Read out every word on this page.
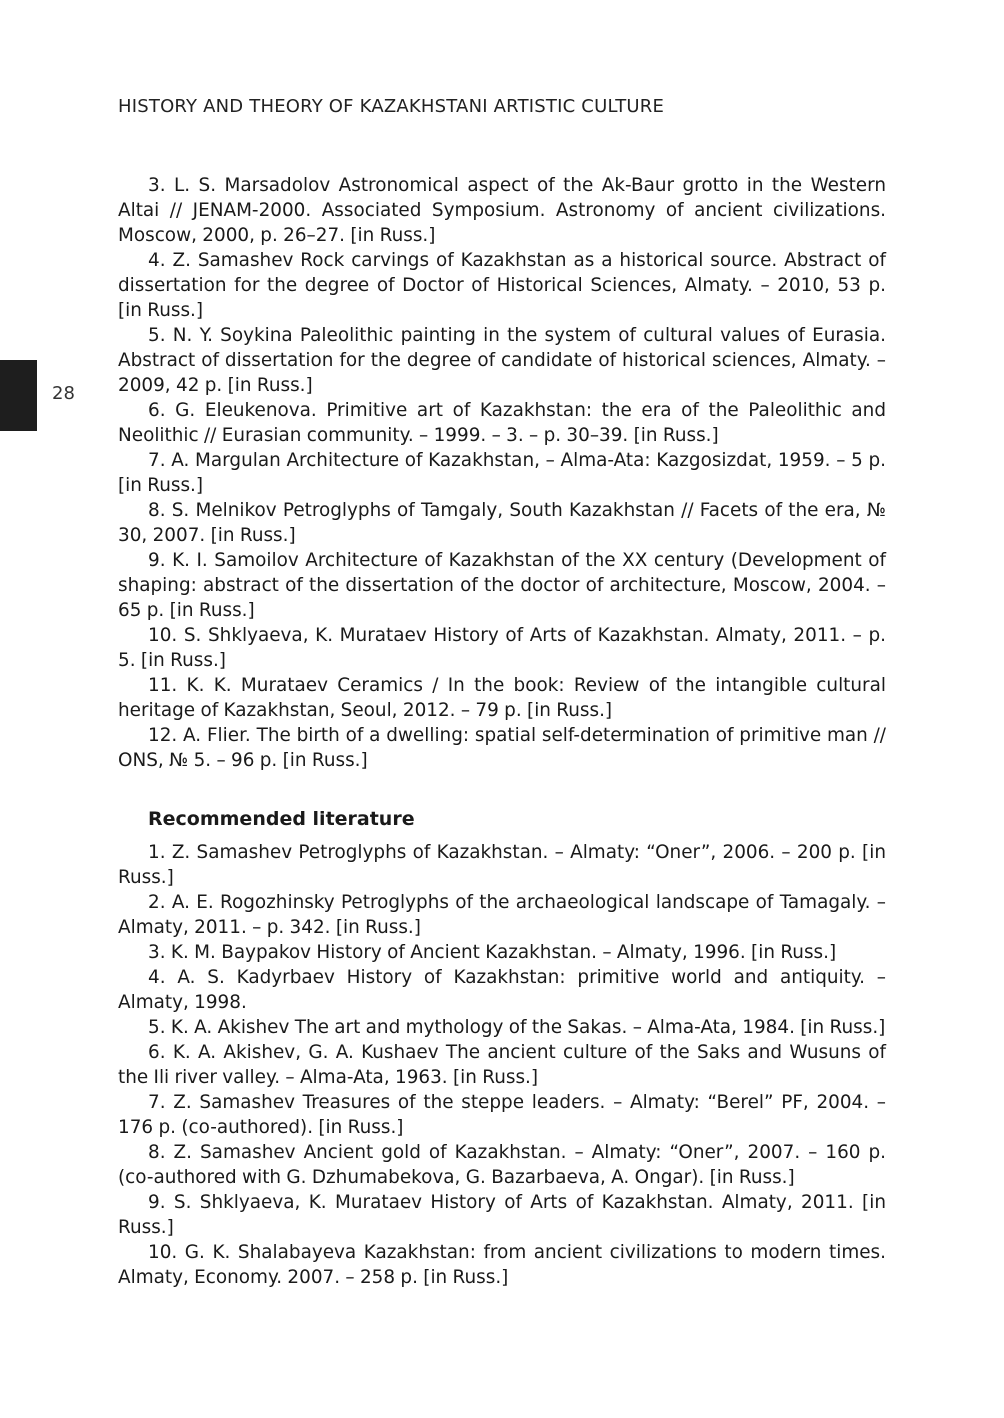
HISTORY AND THEORY OF KAZAKHSTANI ARTISTIC CULTURE
28

3. L. S. Marsadolov Astronomical aspect of the Ak-Baur grotto in the Western Altai // JENAM-2000. Associated Symposium. Astronomy of ancient civilizations. Moscow, 2000, p. 26–27. [in Russ.]

4. Z. Samashev Rock carvings of Kazakhstan as a historical source. Abstract of dissertation for the degree of Doctor of Historical Sciences, Almaty. – 2010, 53 p. [in Russ.]

5. N. Y. Soykina Paleolithic painting in the system of cultural values of Eurasia. Abstract of dissertation for the degree of candidate of historical sciences, Almaty. – 2009, 42 p. [in Russ.]

6. G. Eleukenova. Primitive art of Kazakhstan: the era of the Paleolithic and Neolithic // Eurasian community. – 1999. – 3. – p. 30–39. [in Russ.]

7. A. Margulan Architecture of Kazakhstan, – Alma-Ata: Kazgosizdat, 1959. – 5 p. [in Russ.]

8. S. Melnikov Petroglyphs of Tamgaly, South Kazakhstan // Facets of the era, № 30, 2007. [in Russ.]

9. K. I. Samoilov Architecture of Kazakhstan of the XX century (Development of shaping: abstract of the dissertation of the doctor of architecture, Moscow, 2004. – 65 p. [in Russ.]

10. S. Shklyaeva, K. Murataev History of Arts of Kazakhstan. Almaty, 2011. – p. 5. [in Russ.]

11. K. K. Murataev Ceramics / In the book: Review of the intangible cultural heritage of Kazakhstan, Seoul, 2012. – 79 p. [in Russ.]

12. A. Flier. The birth of a dwelling: spatial self-determination of primitive man // ONS, № 5. – 96 p. [in Russ.]

Recommended literature

1. Z. Samashev Petroglyphs of Kazakhstan. – Almaty: “Oner”, 2006. – 200 p. [in Russ.]

2. A. E. Rogozhinsky Petroglyphs of the archaeological landscape of Tamagaly. – Almaty, 2011. – p. 342. [in Russ.]

3. K. M. Baypakov History of Ancient Kazakhstan. – Almaty, 1996. [in Russ.]

4. A. S. Kadyrbaev History of Kazakhstan: primitive world and antiquity. – Almaty, 1998.

5. K. A. Akishev The art and mythology of the Sakas. – Alma-Ata, 1984. [in Russ.]

6. K. A. Akishev, G. A. Kushaev The ancient culture of the Saks and Wusuns of the Ili river valley. – Alma-Ata, 1963. [in Russ.]

7. Z. Samashev Treasures of the steppe leaders. – Almaty: “Berel” PF, 2004. – 176 p. (co-authored). [in Russ.]

8. Z. Samashev Ancient gold of Kazakhstan. – Almaty: “Oner”, 2007. – 160 p. (co-authored with G. Dzhumabekova, G. Bazarbaeva, A. Ongar). [in Russ.]

9. S. Shklyaeva, K. Murataev History of Arts of Kazakhstan. Almaty, 2011. [in Russ.]

10. G. K. Shalabayeva Kazakhstan: from ancient civilizations to modern times. Almaty, Economy. 2007. – 258 p. [in Russ.]
